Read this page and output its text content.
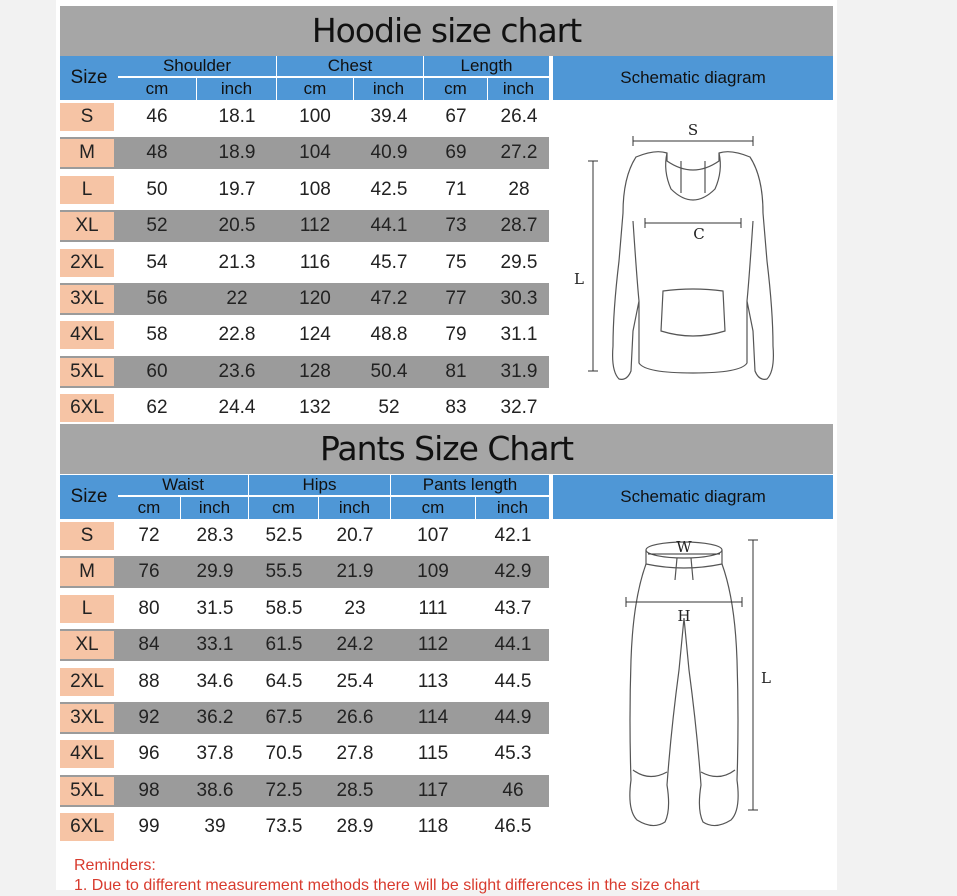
Hoodie size chart
Size
Shoulder	Chest	Length
cm	inch	cm	inch	cm	inch
Schematic diagram
S	46	18.1	100	39.4	67	26.4
M	48	18.9	104	40.9	69	27.2
L	50	19.7	108	42.5	71	28
XL	52	20.5	112	44.1	73	28.7
2XL	54	21.3	116	45.7	75	29.5
3XL	56	22	120	47.2	77	30.3
4XL	58	22.8	124	48.8	79	31.1
5XL	60	23.6	128	50.4	81	31.9
6XL	62	24.4	132	52	83	32.7
S
C
L
Pants Size Chart
Size
Waist	Hips	Pants length
cm	inch	cm	inch	cm	inch
Schematic diagram
S	72	28.3	52.5	20.7	107	42.1
M	76	29.9	55.5	21.9	109	42.9
L	80	31.5	58.5	23	111	43.7
XL	84	33.1	61.5	24.2	112	44.1
2XL	88	34.6	64.5	25.4	113	44.5
3XL	92	36.2	67.5	26.6	114	44.9
4XL	96	37.8	70.5	27.8	115	45.3
5XL	98	38.6	72.5	28.5	117	46
6XL	99	39	73.5	28.9	118	46.5
W
H
L
Reminders:
1. Due to different measurement methods there will be slight differences in the size chart
